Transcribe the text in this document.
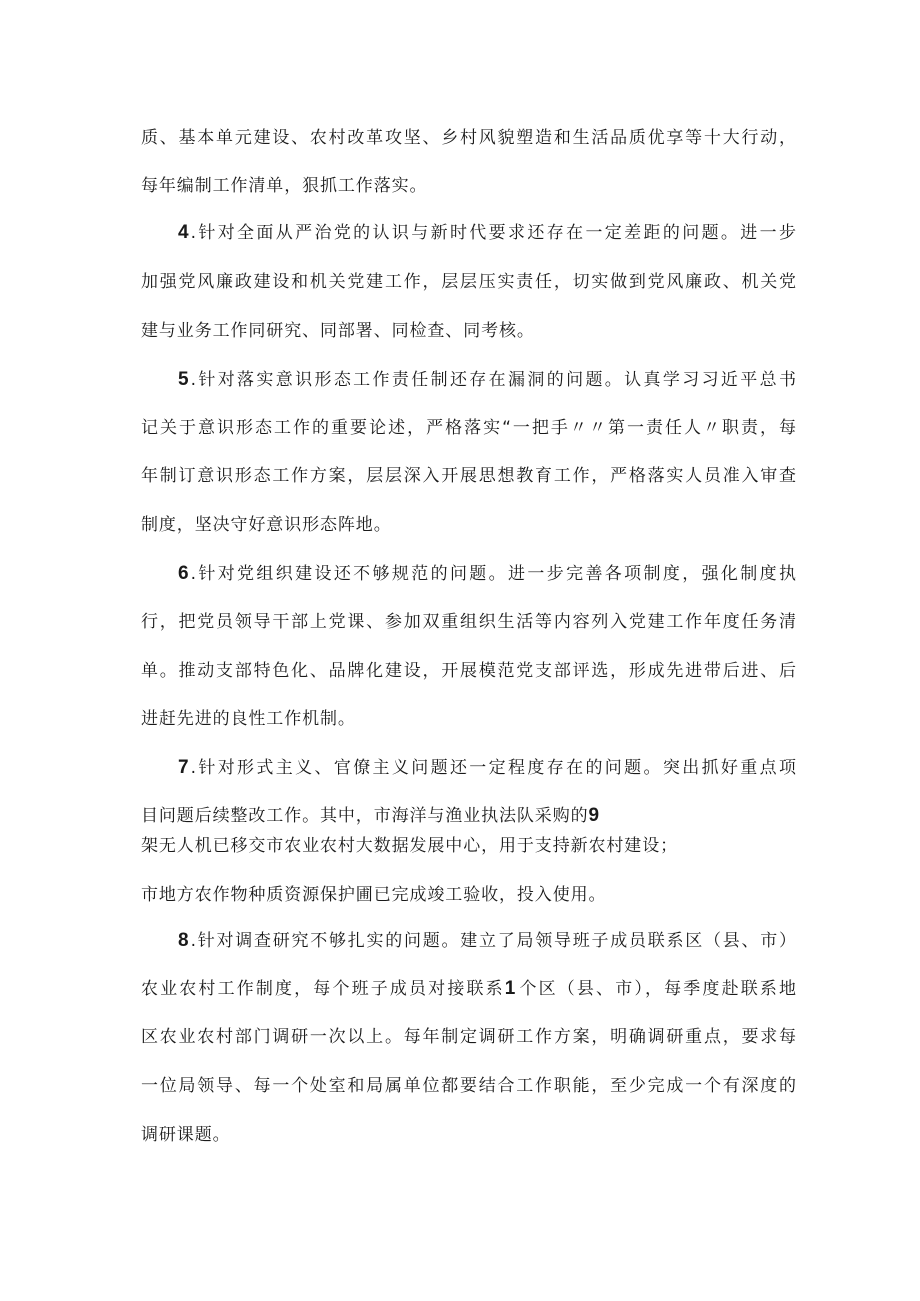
质、基本单元建设、农村改革攻坚、乡村风貌塑造和生活品质优享等十大行动，
每年编制工作清单，狠抓工作落实。
4 .针对全面从严治党的认识与新时代要求还存在一定差距的问题。进一步
加强党风廉政建设和机关党建工作，层层压实责任，切实做到党风廉政、机关党
建与业务工作同研究、同部署、同检查、同考核。
5 .针对落实意识形态工作责任制还存在漏洞的问题。认真学习习近平总书
记关于意识形态工作的重要论述，严格落实“一把手〃〃第一责任人〃职责，每
年制订意识形态工作方案，层层深入开展思想教育工作，严格落实人员准入审查
制度，坚决守好意识形态阵地。
6 .针对党组织建设还不够规范的问题。进一步完善各项制度，强化制度执
行，把党员领导干部上党课、参加双重组织生活等内容列入党建工作年度任务清
单。推动支部特色化、品牌化建设，开展模范党支部评选，形成先进带后进、后
进赶先进的良性工作机制。
7 .针对形式主义、官僚主义问题还一定程度存在的问题。突出抓好重点项
目问题后续整改工作。其中，市海洋与渔业执法队采购的9
架无人机已移交市农业农村大数据发展中心，用于支持新农村建设；
市地方农作物种质资源保护圃已完成竣工验收，投入使用。
8 .针对调查研究不够扎实的问题。建立了局领导班子成员联系区（县、市）
农业农村工作制度，每个班子成员对接联系1 个区（县、市），每季度赴联系地
区农业农村部门调研一次以上。每年制定调研工作方案，明确调研重点，要求每
一位局领导、每一个处室和局属单位都要结合工作职能，至少完成一个有深度的
调研课题。
